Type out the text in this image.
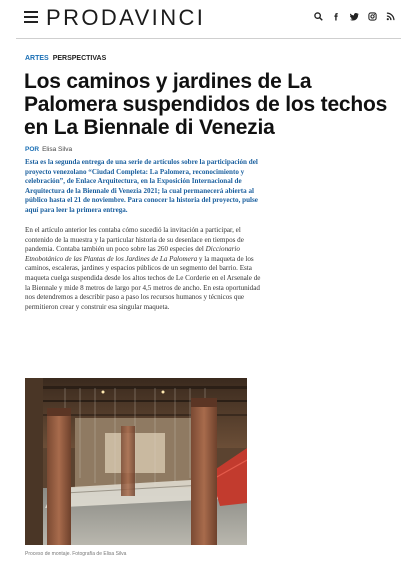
PRODAVINCI
ARTES PERSPECTIVAS
Los caminos y jardines de La Palomera suspendidos de los techos en La Biennale di Venezia
POR Elisa Silva

Esta es la segunda entrega de una serie de artículos sobre la participación del proyecto venezolano “Ciudad Completa: La Palomera, reconocimiento y celebración”, de Enlace Arquitectura, en la Exposición Internacional de Arquitectura de la Biennale di Venezia 2021; la cual permanecerá abierta al público hasta el 21 de noviembre. Para conocer la historia del proyecto, pulse aquí para leer la primera entrega.

En el artículo anterior les contaba cómo sucedió la invitación a participar, el contenido de la muestra y la particular historia de su desenlace en tiempos de pandemia. Contaba también un poco sobre las 260 especies del Diccionario Etnobotánico de las Plantas de los Jardines de La Palomera y la maqueta de los caminos, escaleras, jardines y espacios públicos de un segmento del barrio. Esta maqueta cuelga suspendida desde los altos techos de Le Corderie en el Arsenale de la Biennale y mide 8 metros de largo por 4,5 metros de ancho. En esta oportunidad nos detendremos a describir paso a paso los recursos humanos y técnicos que permitieron crear y construir esa singular maqueta.

Proceso de montaje. Fotografía de Elisa Silva
